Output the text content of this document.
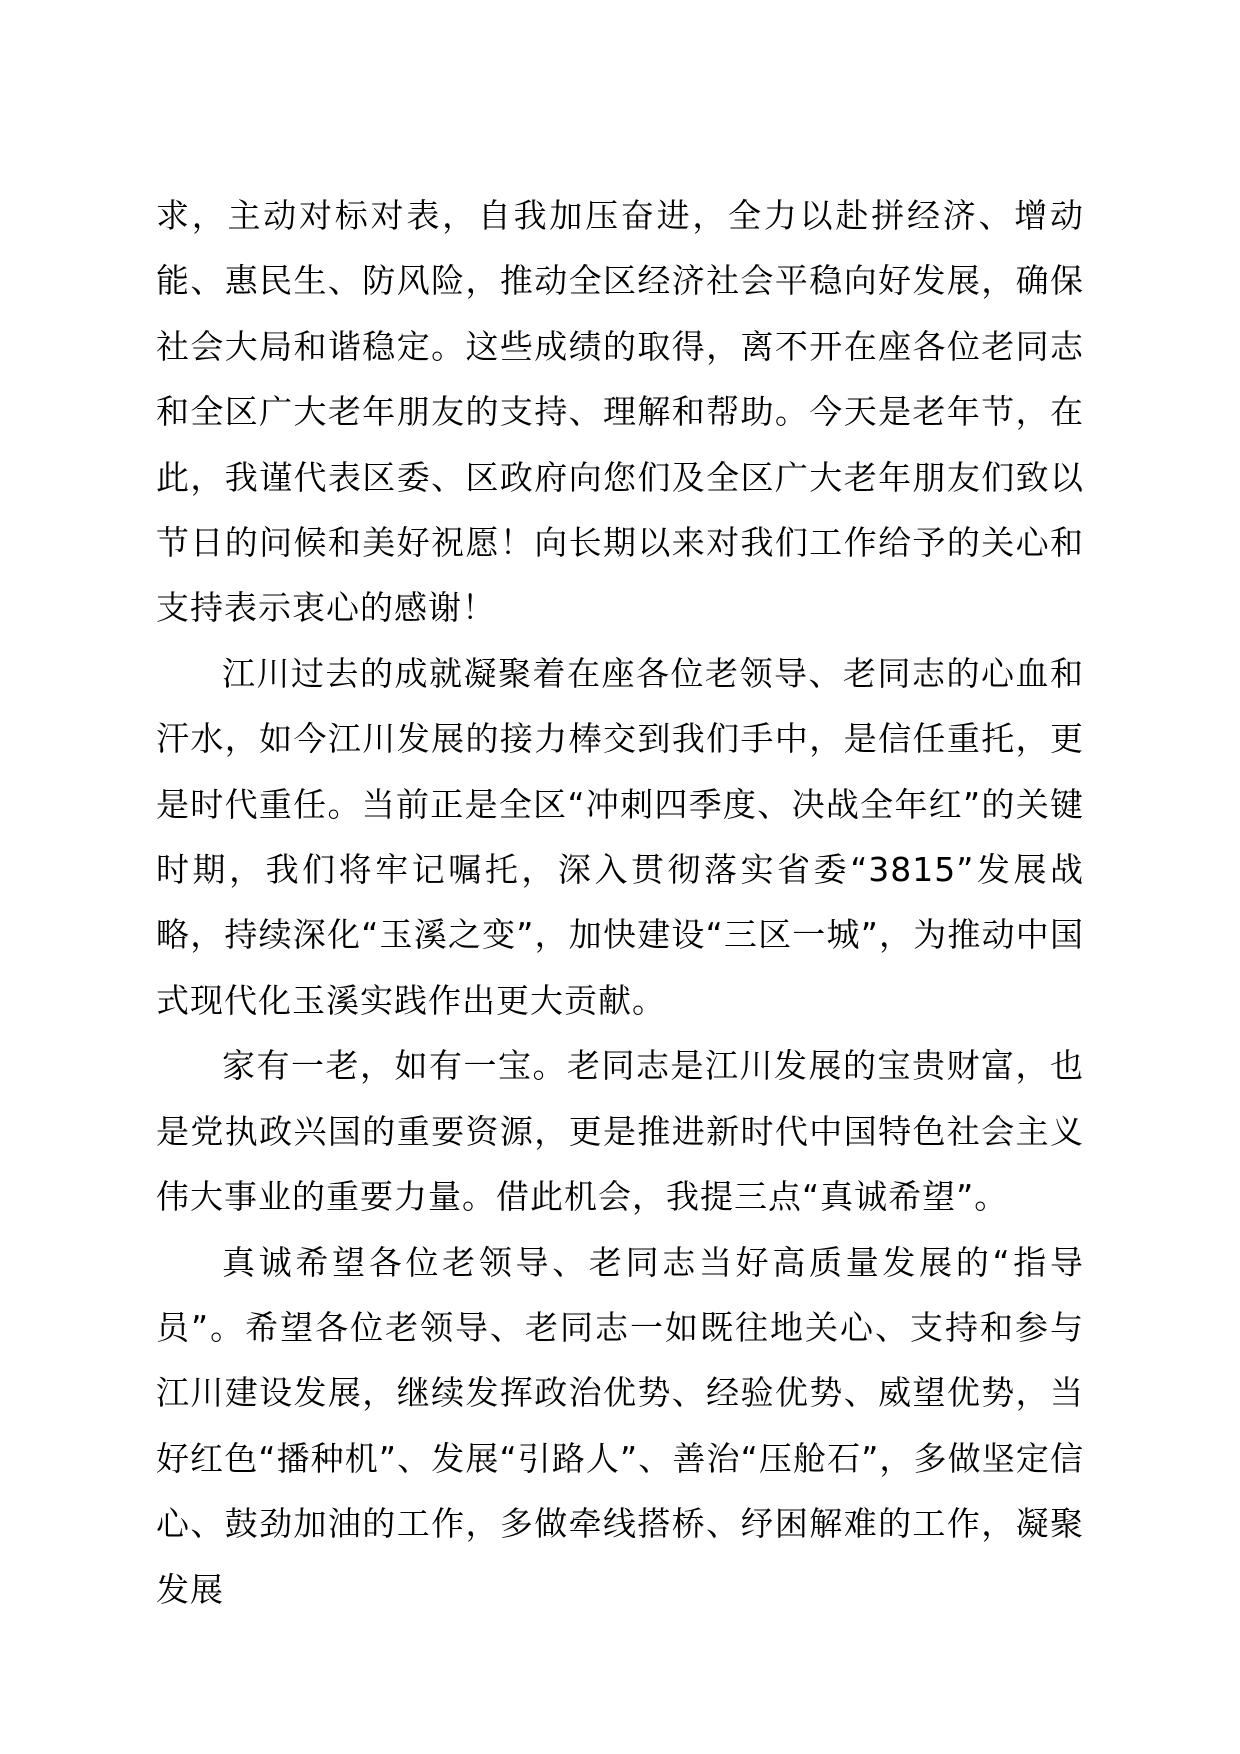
求，主动对标对表，自我加压奋进，全力以赴拼经济、增动能、惠民生、防风险，推动全区经济社会平稳向好发展，确保社会大局和谐稳定。这些成绩的取得，离不开在座各位老同志和全区广大老年朋友的支持、理解和帮助。今天是老年节，在此，我谨代表区委、区政府向您们及全区广大老年朋友们致以节日的问候和美好祝愿！向长期以来对我们工作给予的关心和支持表示衷心的感谢！

江川过去的成就凝聚着在座各位老领导、老同志的心血和汗水，如今江川发展的接力棒交到我们手中，是信任重托，更是时代重任。当前正是全区“冲刺四季度、决战全年红”的关键时期，我们将牢记嘱托，深入贯彻落实省委“3815”发展战略，持续深化“玉溪之变”，加快建设“三区一城”，为推动中国式现代化玉溪实践作出更大贡献。

家有一老，如有一宝。老同志是江川发展的宝贵财富，也是党执政兴国的重要资源，更是推进新时代中国特色社会主义伟大事业的重要力量。借此机会，我提三点“真诚希望”。

真诚希望各位老领导、老同志当好高质量发展的“指导员”。希望各位老领导、老同志一如既往地关心、支持和参与江川建设发展，继续发挥政治优势、经验优势、威望优势，当好红色“播种机”、发展“引路人”、善治“压舱石”，多做坚定信心、鼓劲加油的工作，多做牵线搭桥、纾困解难的工作，凝聚发展
